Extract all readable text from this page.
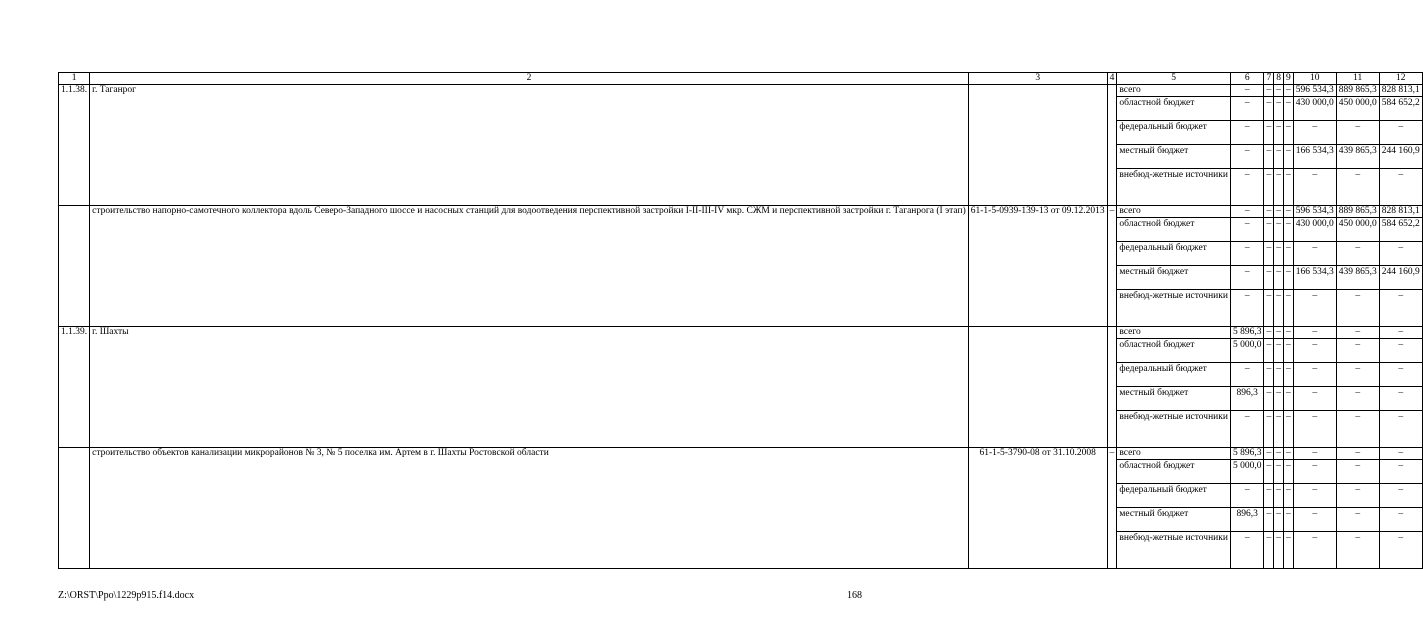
1	2	3	4	5	6	7	8	9	10	11	12
1.1.38.	г. Таганрог			всего	–	–	–	–	596 534,3	889 865,3	828 813,1
				областной бюджет	–	–	–	–	430 000,0	450 000,0	584 652,2
				федеральный бюджет	–	–	–	–	–	–	–
				местный бюджет	–	–	–	–	166 534,3	439 865,3	244 160,9
				внебюд-жетные источники	–	–	–	–	–	–	–
	строительство напорно-самотечного коллектора вдоль Северо-Западного шоссе и насосных станций для водоотведения перспективной застройки I-II-III-IV мкр. СЖМ и перспективной застройки г. Таганрога (I этап)	61-1-5-0939-139-13 от 09.12.2013	–	всего	–	–	–	–	596 534,3	889 865,3	828 813,1
				областной бюджет	–	–	–	–	430 000,0	450 000,0	584 652,2
				федеральный бюджет	–	–	–	–	–	–	–
				местный бюджет	–	–	–	–	166 534,3	439 865,3	244 160,9
				внебюд-жетные источники	–	–	–	–	–	–	–
1.1.39.	г. Шахты			всего	5 896,3	–	–	–	–	–	–
				областной бюджет	5 000,0	–	–	–	–	–	–
				федеральный бюджет	–	–	–	–	–	–	–
				местный бюджет	896,3	–	–	–	–	–	–
				внебюд-жетные источники	–	–	–	–	–	–	–
	строительство объектов канализации микрорайонов № 3, № 5 поселка им. Артем в г. Шахты Ростовской области	61-1-5-3790-08 от 31.10.2008	–	всего	5 896,3	–	–	–	–	–	–
				областной бюджет	5 000,0	–	–	–	–	–	–
				федеральный бюджет	–	–	–	–	–	–	–
				местный бюджет	896,3	–	–	–	–	–	–
				внебюд-жетные источники	–	–	–	–	–	–	–
Z:\ORST\Ppo\1229p915.f14.docx	168
